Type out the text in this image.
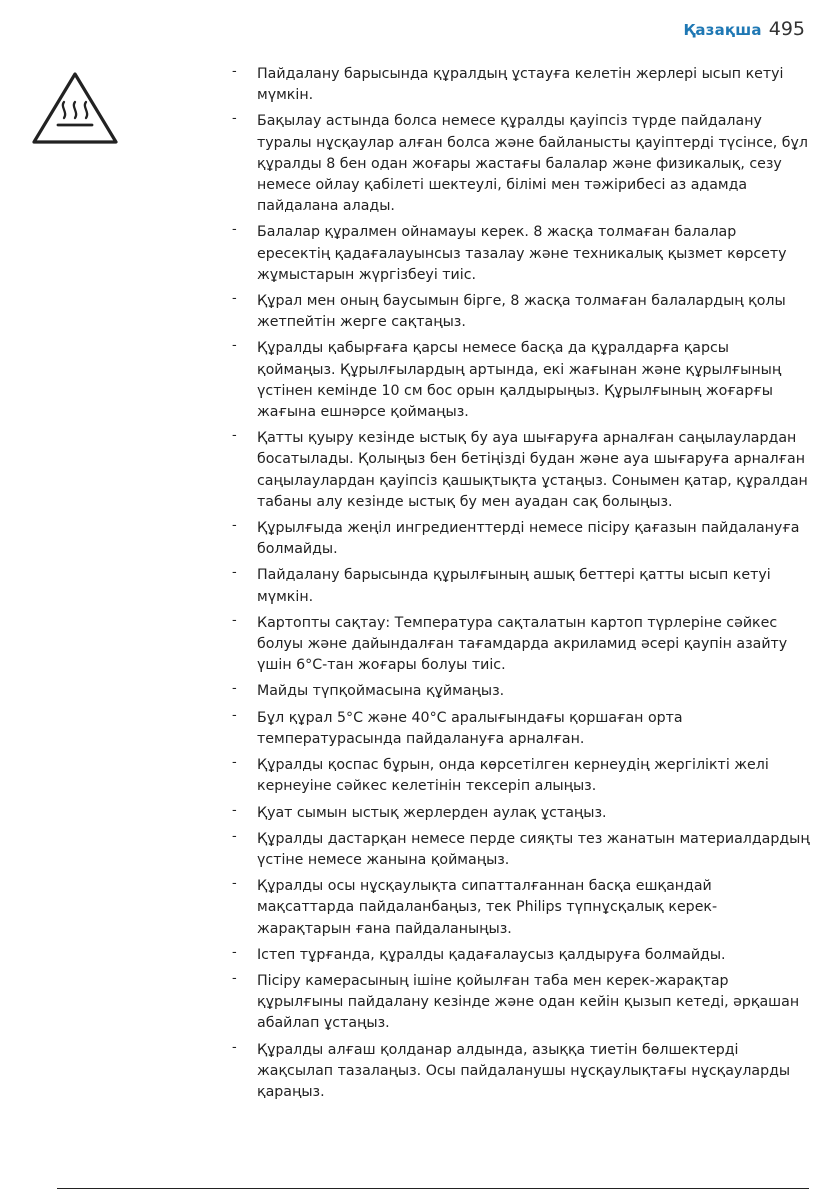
Қазақша 495
- Пайдалану барысында құралдың ұстауға келетін жерлері ысып кетуі мүмкін.
- Бақылау астында болса немесе құралды қауіпсіз түрде пайдалану туралы нұсқаулар алған болса және байланысты қауіптерді түсінсе, бұл құралды 8 бен одан жоғары жастағы балалар және физикалық, сезу немесе ойлау қабілеті шектеулі, білімі мен тәжірибесі аз адамда пайдалана алады.
- Балалар құралмен ойнамауы керек. 8 жасқа толмаған балалар ересектің қадағалауынсыз тазалау және техникалық қызмет көрсету жұмыстарын жүргізбеуі тиіс.
- Құрал мен оның баусымын бірге, 8 жасқа толмаған балалардың қолы жетпейтін жерге сақтаңыз.
- Құралды қабырғаға қарсы немесе басқа да құралдарға қарсы қоймаңыз. Құрылғылардың артында, екі жағынан және құрылғының үстінен кемінде 10 см бос орын қалдырыңыз. Құрылғының жоғарғы жағына ешнәрсе қоймаңыз.
- Қатты қуыру кезінде ыстық бу ауа шығаруға арналған саңылаулардан босатылады. Қолыңыз бен бетіңізді будан және ауа шығаруға арналған саңылаулардан қауіпсіз қашықтықта ұстаңыз. Сонымен қатар, құралдан табаны алу кезінде ыстық бу мен ауадан сақ болыңыз.
- Құрылғыда жеңіл ингредиенттерді немесе пісіру қағазын пайдалануға болмайды.
- Пайдалану барысында құрылғының ашық беттері қатты ысып кетуі мүмкін.
- Картопты сақтау: Температура сақталатын картоп түрлеріне сәйкес болуы және дайындалған тағамдарда акриламид әсері қаупін азайту үшін 6°C-тан жоғары болуы тиіс.
- Майды түпқоймасына құймаңыз.
- Бұл құрал 5°C және 40°C аралығындағы қоршаған орта температурасында пайдалануға арналған.
- Құралды қоспас бұрын, онда көрсетілген кернеудің жергілікті желі кернеуіне сәйкес келетінін тексеріп алыңыз.
- Қуат сымын ыстық жерлерден аулақ ұстаңыз.
- Құралды дастарқан немесе перде сияқты тез жанатын материалдардың үстіне немесе жанына қоймаңыз.
- Құралды осы нұсқаулықта сипатталғаннан басқа ешқандай мақсаттарда пайдаланбаңыз, тек Philips түпнұсқалық керек-жарақтарын ғана пайдаланыңыз.
- Істеп тұрғанда, құралды қадағалаусыз қалдыруға болмайды.
- Пісіру камерасының ішіне қойылған таба мен керек-жарақтар құрылғыны пайдалану кезінде және одан кейін қызып кетеді, әрқашан абайлап ұстаңыз.
- Құралды алғаш қолданар алдында, азыққа тиетін бөлшектерді жақсылап тазалаңыз. Осы пайдаланушы нұсқаулықтағы нұсқауларды қараңыз.
